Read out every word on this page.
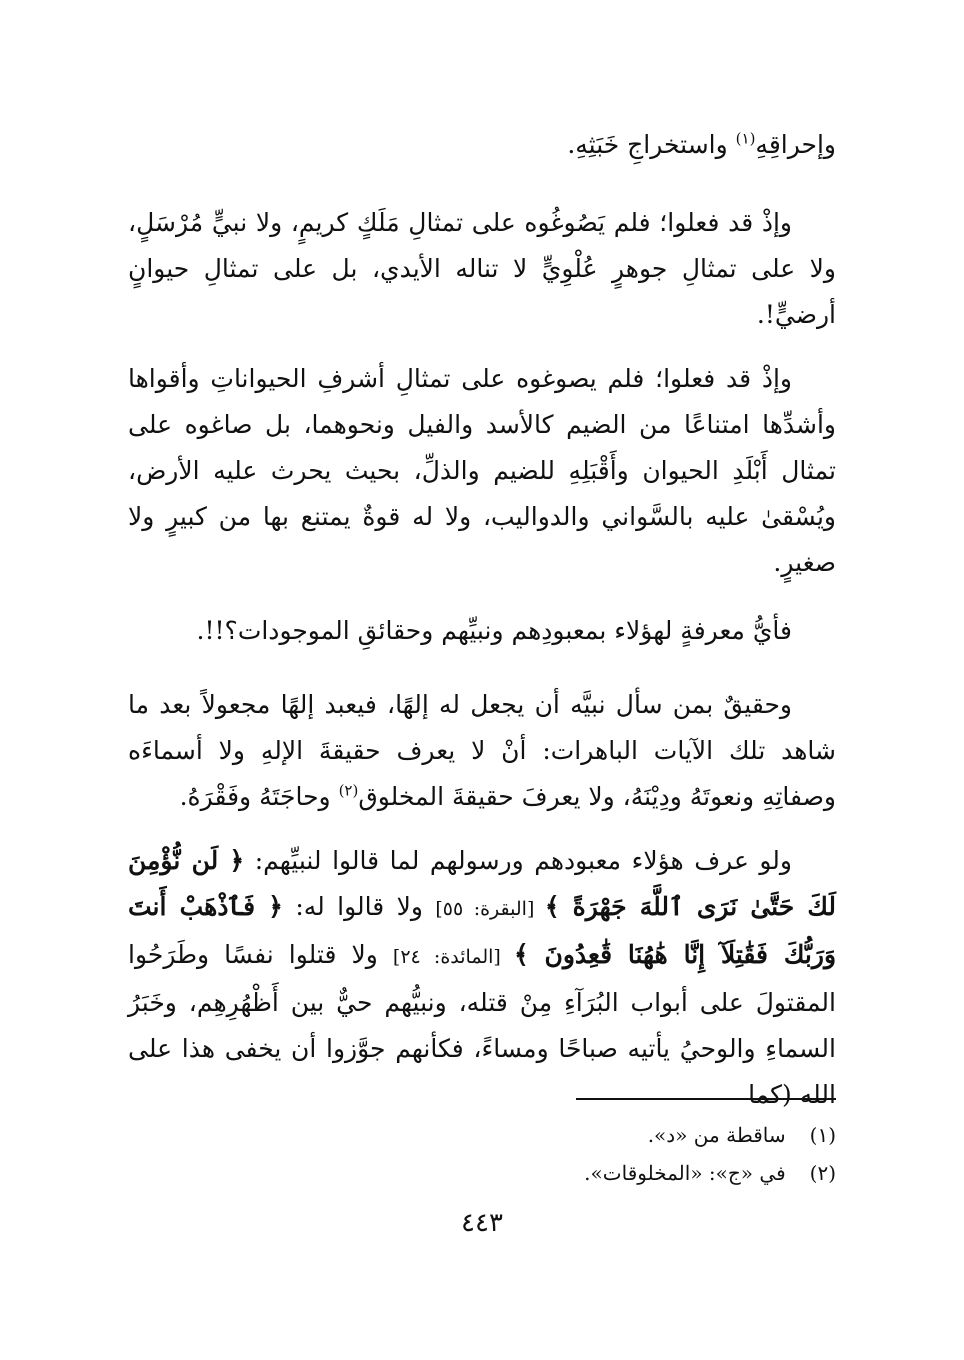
وإحراقِهِ$^{(١)}$ واستخراجِ خَبَثِهِ.

وإذْ قد فعلوا؛ فلم يَصُوغُوه على تمثالِ مَلَكٍ كريمٍ، ولا نبيٍّ مُرْسَلٍ، ولا على تمثالِ جوهرٍ عُلْوِيٍّ لا تناله الأيدي، بل على تمثالِ حيوانٍ أرضيٍّ!.

وإذْ قد فعلوا؛ فلم يصوغوه على تمثالِ أشرفِ الحيواناتِ وأقواها وأشدِّها امتناعًا من الضيم كالأسد والفيل ونحوهما، بل صاغوه على تمثال أَبْلَدِ الحيوان وأَقْبَلِهِ للضيم والذلِّ، بحيث يحرث عليه الأرض، ويُسْقىٰ عليه بالسَّواني والدواليب، ولا له قوةٌ يمتنع بها من كبيرٍ ولا صغيرٍ.

فأيُّ معرفةٍ لهؤلاء بمعبودِهم ونبيِّهم وحقائقِ الموجودات؟!!.

وحقيقٌ بمن سأل نبيَّه أن يجعل له إلهًا، فيعبد إلهًا مجعولاً بعد ما شاهد تلك الآيات الباهرات: أنْ لا يعرف حقيقةَ الإلهِ ولا أسماءَه وصفاتِهِ ونعوتَهُ ودِيْنَهُ، ولا يعرفَ حقيقةَ المخلوق$^{(٢)}$ وحاجَتَهُ وفَقْرَهُ.

ولو عرف هؤلاء معبودهم ورسولهم لما قالوا لنبيِّهم: ﴿ لَن نُّؤْمِنَ لَكَ حَتَّىٰ نَرَى ٱللَّهَ جَهْرَةً ﴾ [البقرة: ٥٥] ولا قالوا له: ﴿ فَٱذْهَبْ أَنتَ وَرَبُّكَ فَقَٰتِلَآ إِنَّا هَٰهُنَا قَٰعِدُونَ ﴾ [المائدة: ٢٤] ولا قتلوا نفسًا وطَرَحُوا المقتولَ على أبواب البُرَآءِ مِنْ قتله، ونبيُّهم حيٌّ بين أَظْهُرِهِم، وخَبَرُ السماءِ والوحيُ يأتيه صباحًا ومساءً، فكأنهم جوَّزوا أن يخفى هذا على الله (كما

(١) ساقطة من «د».
(٢) في «ج»: «المخلوقات».
٤٤٣
